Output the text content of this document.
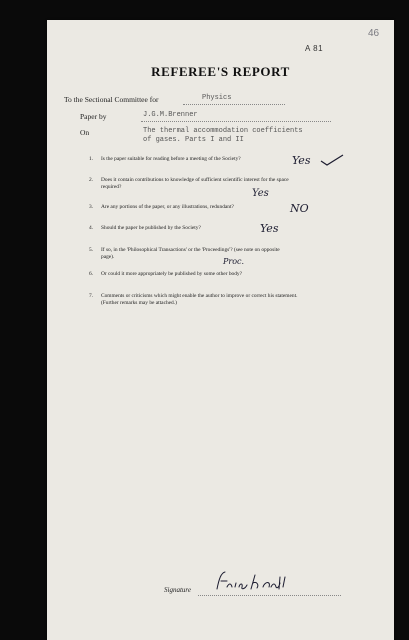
46
A 81
REFEREE'S REPORT
To the Sectional Committee for	Physics
Paper by	J.G.M.Brenner
On	The thermal accommodation coefficients
of gases. Parts I and II
1. Is the paper suitable for reading before a meeting of the Society?	Yes
2. Does it contain contributions to knowledge of sufficient scientific interest for the space
required?
Yes
3. Are any portions of the paper, or any illustrations, redundant?	NO
4. Should the paper be published by the Society?	Yes
5. If so, in the 'Philosophical Transactions' or the 'Proceedings'? (see note on opposite
page).	Proc.
6. Or could it more appropriately be published by some other body?
7. Comments or criticisms which might enable the author to improve or correct his statement.
(Further remarks may be attached.)
Signature
